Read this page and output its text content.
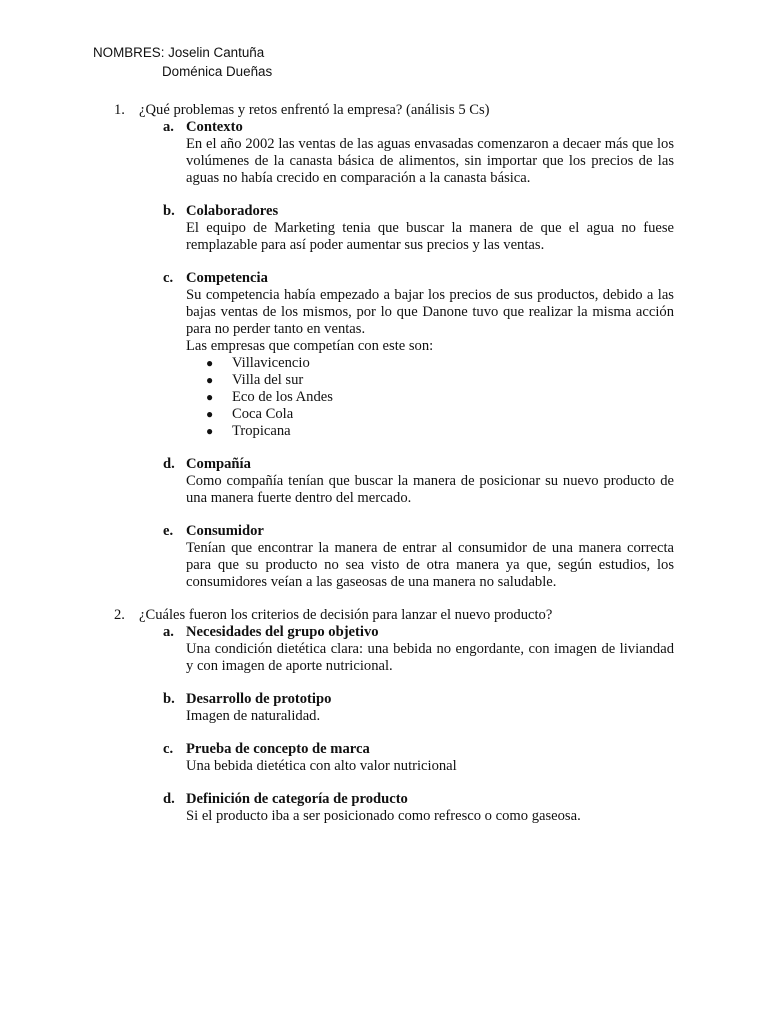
NOMBRES: Joselin Cantuña
Doménica Dueñas
1. ¿Qué problemas y retos enfrentó la empresa? (análisis 5 Cs)
a. Contexto
En el año 2002 las ventas de las aguas envasadas comenzaron a decaer más que los volúmenes de la canasta básica de alimentos, sin importar que los precios de las aguas no había crecido en comparación a la canasta básica.
b. Colaboradores
El equipo de Marketing tenia que buscar la manera de que el agua no fuese remplazable para así poder aumentar sus precios y las ventas.
c. Competencia
Su competencia había empezado a bajar los precios de sus productos, debido a las bajas ventas de los mismos, por lo que Danone tuvo que realizar la misma acción para no perder tanto en ventas.
Las empresas que competían con este son:
● Villavicencio
● Villa del sur
● Eco de los Andes
● Coca Cola
● Tropicana
d. Compañía
Como compañía tenían que buscar la manera de posicionar su nuevo producto de una manera fuerte dentro del mercado.
e. Consumidor
Tenían que encontrar la manera de entrar al consumidor de una manera correcta para que su producto no sea visto de otra manera ya que, según estudios, los consumidores veían a las gaseosas de una manera no saludable.
2. ¿Cuáles fueron los criterios de decisión para lanzar el nuevo producto?
a. Necesidades del grupo objetivo
Una condición dietética clara: una bebida no engordante, con imagen de liviandad y con imagen de aporte nutricional.
b. Desarrollo de prototipo
Imagen de naturalidad.
c. Prueba de concepto de marca
Una bebida dietética con alto valor nutricional
d. Definición de categoría de producto
Si el producto iba a ser posicionado como refresco o como gaseosa.
